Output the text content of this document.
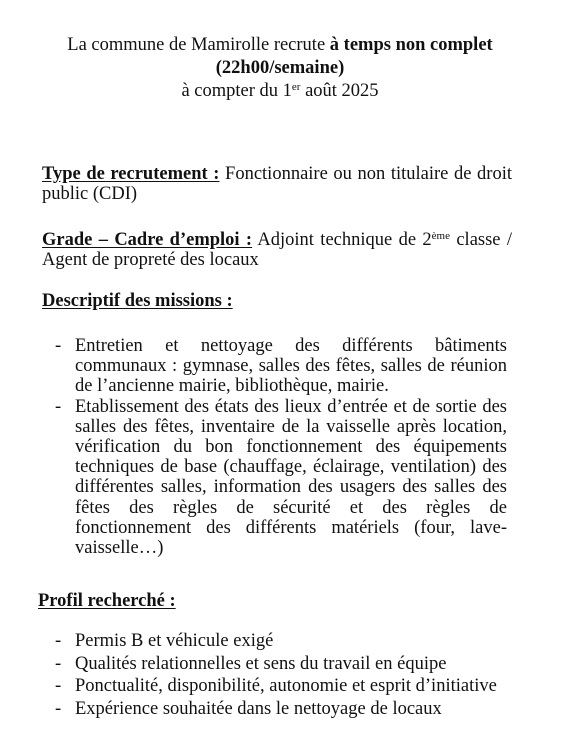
La commune de Mamirolle recrute à temps non complet
(22h00/semaine)
à compter du 1er août 2025
Type de recrutement : Fonctionnaire ou non titulaire de droit public (CDI)
Grade – Cadre d’emploi : Adjoint technique de 2ème classe / Agent de propreté des locaux
Descriptif des missions :
- Entretien et nettoyage des différents bâtiments communaux : gymnase, salles des fêtes, salles de réunion de l’ancienne mairie, bibliothèque, mairie.
- Etablissement des états des lieux d’entrée et de sortie des salles des fêtes, inventaire de la vaisselle après location, vérification du bon fonctionnement des équipements techniques de base (chauffage, éclairage, ventilation) des différentes salles, information des usagers des salles des fêtes des règles de sécurité et des règles de fonctionnement des différents matériels (four, lave-vaisselle…)
Profil recherché :
- Permis B et véhicule exigé
- Qualités relationnelles et sens du travail en équipe
- Ponctualité, disponibilité, autonomie et esprit d’initiative
- Expérience souhaitée dans le nettoyage de locaux
